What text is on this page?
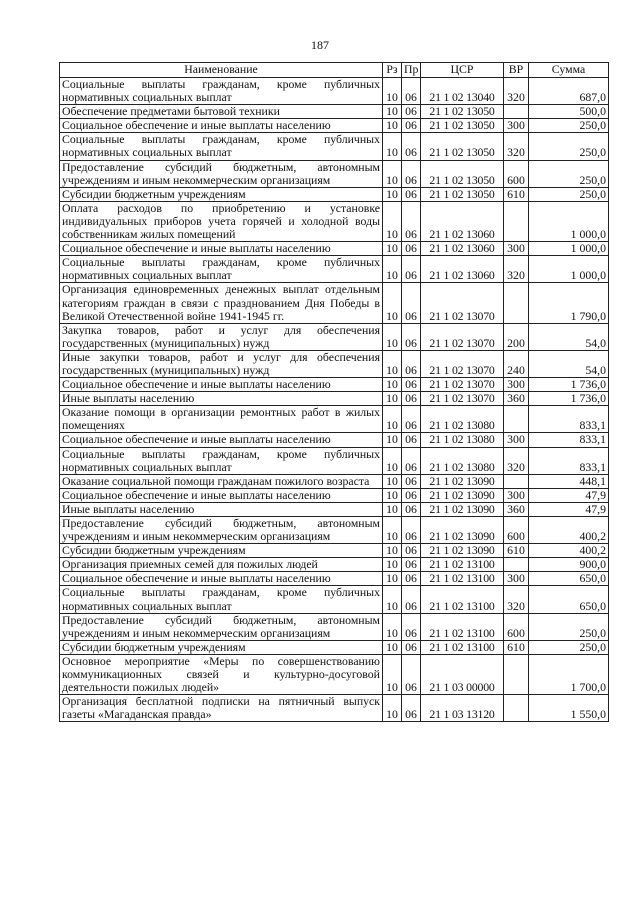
187
Наименование	Рз	Пр	ЦСР	ВР	Сумма
Социальные выплаты гражданам, кроме публичных нормативных социальных выплат	10	06	21 1 02 13040	320	687,0
Обеспечение предметами бытовой техники	10	06	21 1 02 13050		500,0
Социальное обеспечение и иные выплаты населению	10	06	21 1 02 13050	300	250,0
Социальные выплаты гражданам, кроме публичных нормативных социальных выплат	10	06	21 1 02 13050	320	250,0
Предоставление субсидий бюджетным, автономным учреждениям и иным некоммерческим организациям	10	06	21 1 02 13050	600	250,0
Субсидии бюджетным учреждениям	10	06	21 1 02 13050	610	250,0
Оплата расходов по приобретению и установке индивидуальных приборов учета горячей и холодной воды собственникам жилых помещений	10	06	21 1 02 13060		1 000,0
Социальное обеспечение и иные выплаты населению	10	06	21 1 02 13060	300	1 000,0
Социальные выплаты гражданам, кроме публичных нормативных социальных выплат	10	06	21 1 02 13060	320	1 000,0
Организация единовременных денежных выплат отдельным категориям граждан в связи с празднованием Дня Победы в Великой Отечественной войне 1941-1945 гг.	10	06	21 1 02 13070		1 790,0
Закупка товаров, работ и услуг для обеспечения государственных (муниципальных) нужд	10	06	21 1 02 13070	200	54,0
Иные закупки товаров, работ и услуг для обеспечения государственных (муниципальных) нужд	10	06	21 1 02 13070	240	54,0
Социальное обеспечение и иные выплаты населению	10	06	21 1 02 13070	300	1 736,0
Иные выплаты населению	10	06	21 1 02 13070	360	1 736,0
Оказание помощи в организации ремонтных работ в жилых помещениях	10	06	21 1 02 13080		833,1
Социальное обеспечение и иные выплаты населению	10	06	21 1 02 13080	300	833,1
Социальные выплаты гражданам, кроме публичных нормативных социальных выплат	10	06	21 1 02 13080	320	833,1
Оказание социальной помощи гражданам пожилого возраста	10	06	21 1 02 13090		448,1
Социальное обеспечение и иные выплаты населению	10	06	21 1 02 13090	300	47,9
Иные выплаты населению	10	06	21 1 02 13090	360	47,9
Предоставление субсидий бюджетным, автономным учреждениям и иным некоммерческим организациям	10	06	21 1 02 13090	600	400,2
Субсидии бюджетным учреждениям	10	06	21 1 02 13090	610	400,2
Организация приемных семей для пожилых людей	10	06	21 1 02 13100		900,0
Социальное обеспечение и иные выплаты населению	10	06	21 1 02 13100	300	650,0
Социальные выплаты гражданам, кроме публичных нормативных социальных выплат	10	06	21 1 02 13100	320	650,0
Предоставление субсидий бюджетным, автономным учреждениям и иным некоммерческим организациям	10	06	21 1 02 13100	600	250,0
Субсидии бюджетным учреждениям	10	06	21 1 02 13100	610	250,0
Основное мероприятие «Меры по совершенствованию коммуникационных связей и культурно-досуговой деятельности пожилых людей»	10	06	21 1 03 00000		1 700,0
Организация бесплатной подписки на пятничный выпуск газеты «Магаданская правда»	10	06	21 1 03 13120		1 550,0
